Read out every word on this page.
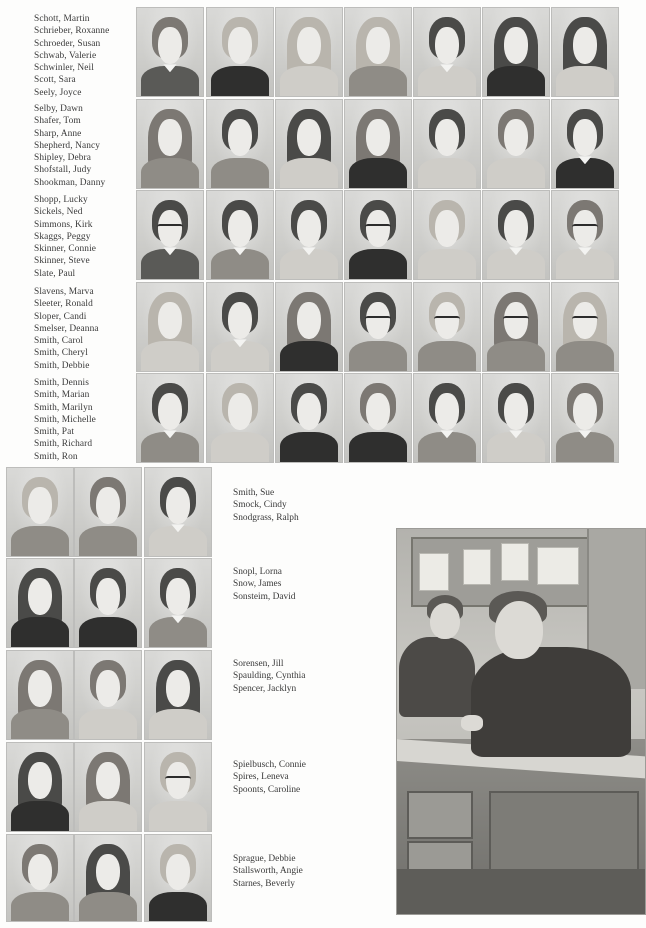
Schott, Martin
Schrieber, Roxanne
Schroeder, Susan
Schwab, Valerie
Schwinler, Neil
Scott, Sara
Seely, Joyce
Selby, Dawn
Shafer, Tom
Sharp, Anne
Shepherd, Nancy
Shipley, Debra
Shofstall, Judy
Shookman, Danny
Shopp, Lucky
Sickels, Ned
Simmons, Kirk
Skaggs, Peggy
Skinner, Connie
Skinner, Steve
Slate, Paul
Slavens, Marva
Sleeter, Ronald
Sloper, Candi
Smelser, Deanna
Smith, Carol
Smith, Cheryl
Smith, Debbie
Smith, Dennis
Smith, Marian
Smith, Marilyn
Smith, Michelle
Smith, Pat
Smith, Richard
Smith, Ron
Smith, Sue
Smock, Cindy
Snodgrass, Ralph
Snopl, Lorna
Snow, James
Sonsteim, David
Sorensen, Jill
Spaulding, Cynthia
Spencer, Jacklyn
Spielbusch, Connie
Spires, Leneva
Spoonts, Caroline
Sprague, Debbie
Stallsworth, Angie
Starnes, Beverly
